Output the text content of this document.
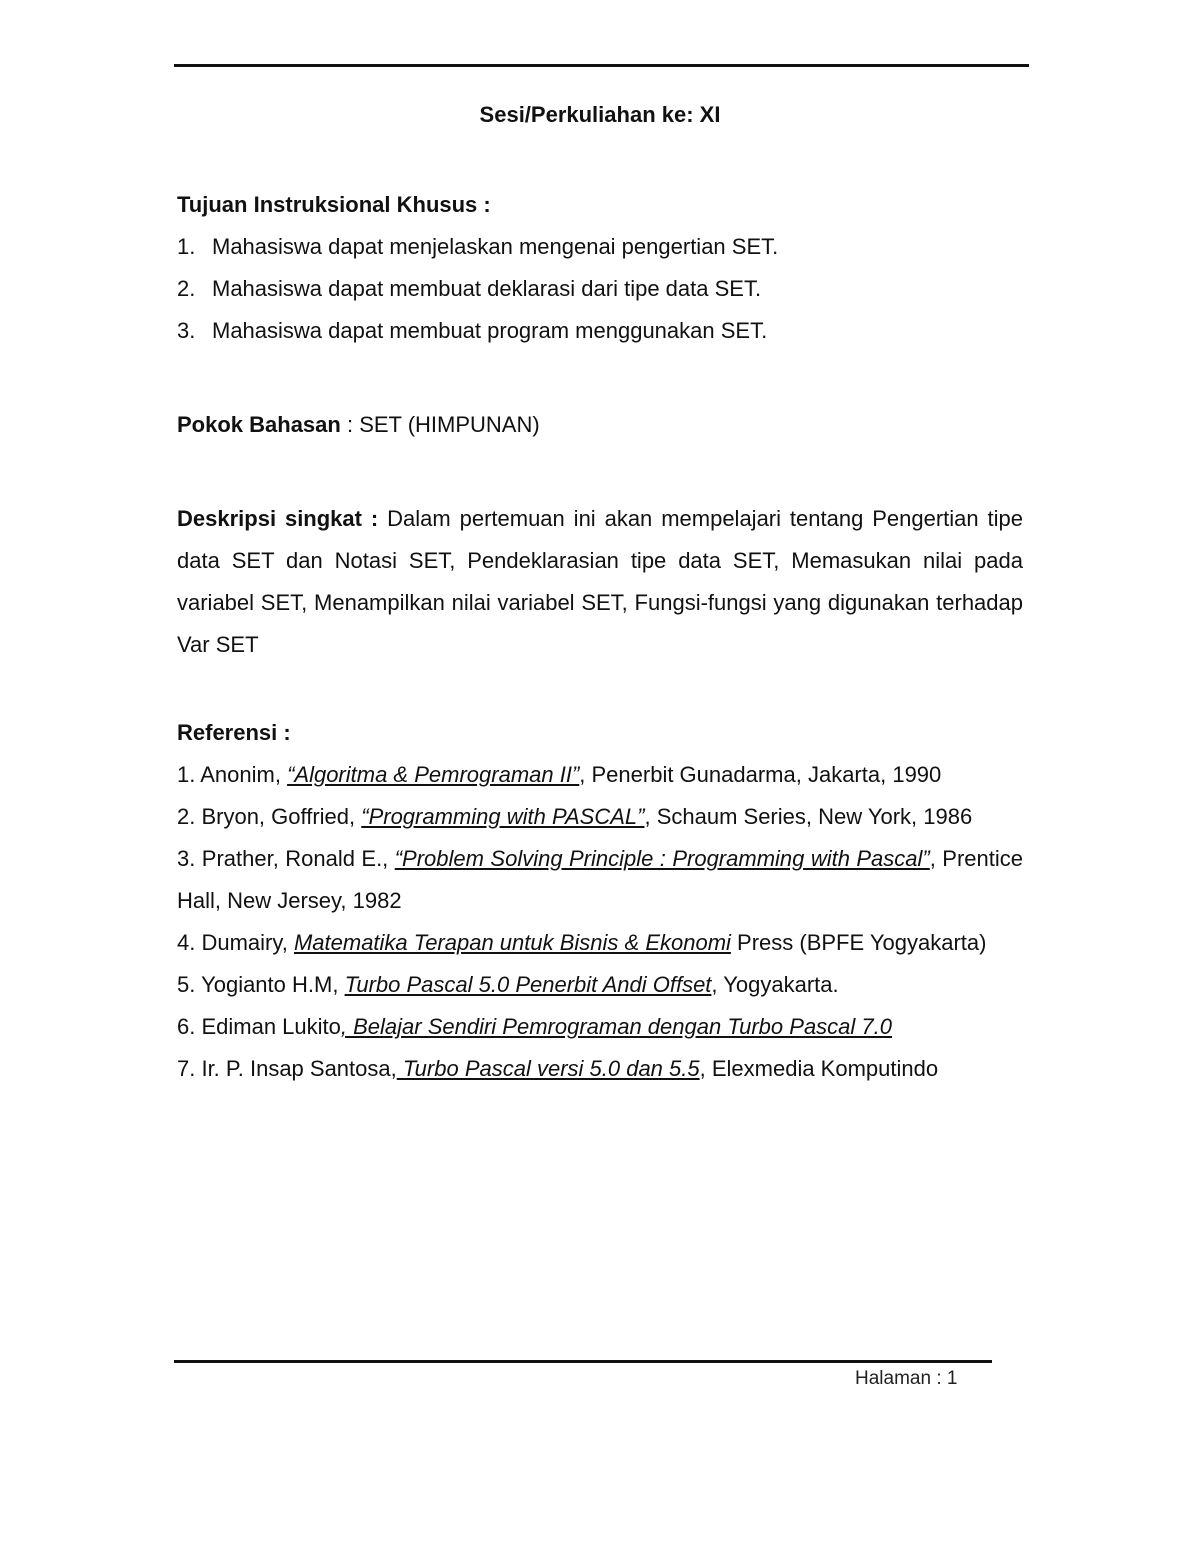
Sesi/Perkuliahan ke: XI
Tujuan Instruksional Khusus :
1. Mahasiswa dapat menjelaskan mengenai pengertian SET.
2. Mahasiswa dapat membuat deklarasi dari tipe data SET.
3. Mahasiswa dapat membuat program menggunakan SET.
Pokok Bahasan : SET (HIMPUNAN)
Deskripsi singkat : Dalam pertemuan ini akan mempelajari tentang Pengertian tipe data SET dan Notasi SET, Pendeklarasian tipe data SET, Memasukan nilai pada variabel SET, Menampilkan nilai variabel SET, Fungsi-fungsi yang digunakan terhadap Var SET
Referensi :
1. Anonim, “Algoritma & Pemrograman II”, Penerbit Gunadarma, Jakarta, 1990
2. Bryon, Goffried, “Programming with PASCAL”, Schaum Series, New York, 1986
3. Prather, Ronald E., “Problem Solving Principle : Programming with Pascal”, Prentice Hall, New Jersey, 1982
4. Dumairy, Matematika Terapan untuk Bisnis & Ekonomi Press (BPFE Yogyakarta)
5. Yogianto H.M, Turbo Pascal 5.0 Penerbit Andi Offset, Yogyakarta.
6. Ediman Lukito, Belajar Sendiri Pemrograman dengan Turbo Pascal 7.0
7. Ir. P. Insap Santosa, Turbo Pascal versi 5.0 dan 5.5, Elexmedia Komputindo
Halaman : 1
